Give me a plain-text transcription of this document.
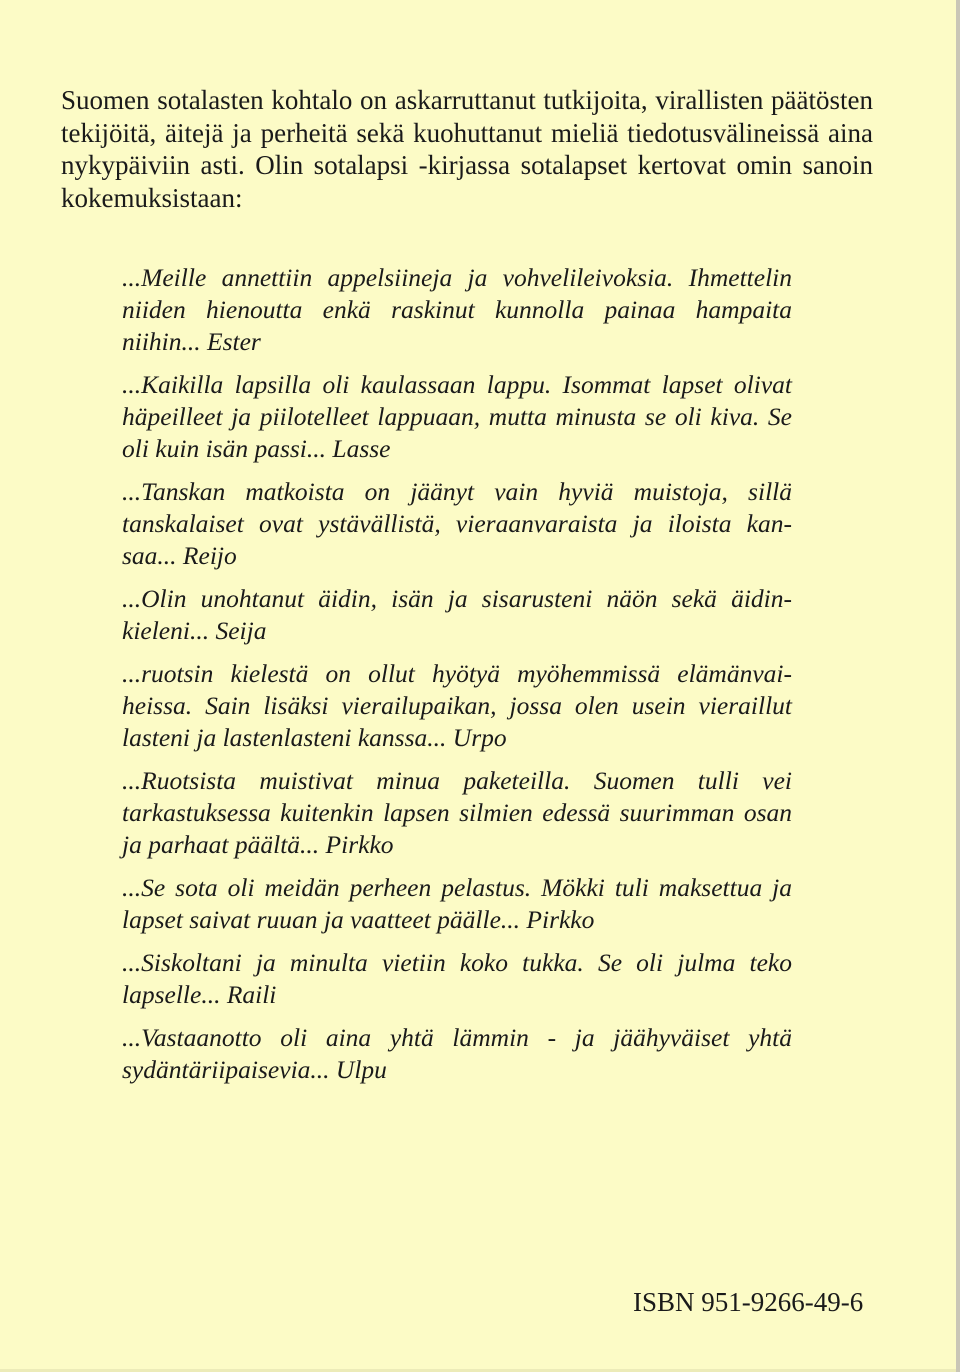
Suomen sotalasten kohtalo on askarruttanut tutkijoita, virallisten päätösten tekijöitä, äitejä ja perheitä sekä kuohuttanut mieliä tiedotusvälineissä aina nykypäiviin asti. Olin sotalapsi -kirjassa sotalapset kertovat omin sanoin kokemuksistaan:

...Meille annettiin appelsiineja ja vohvelileivoksia. Ihmettelin niiden hienoutta enkä raskinut kunnolla painaa hampaita niihin... Ester

...Kaikilla lapsilla oli kaulassaan lappu. Isommat lapset olivat häpeilleet ja piilotelleet lappuaan, mutta minusta se oli kiva. Se oli kuin isän passi... Lasse

...Tanskan matkoista on jäänyt vain hyviä muistoja, sillä tanskalaiset ovat ystävällistä, vieraanvaraista ja iloista kan-saa... Reijo

...Olin unohtanut äidin, isän ja sisarusteni näön sekä äidin-kieleni... Seija

...ruotsin kielestä on ollut hyötyä myöhemmissä elämänvai-heissa. Sain lisäksi vierailupaikan, jossa olen usein vieraillut lasteni ja lastenlasteni kanssa... Urpo

...Ruotsista muistivat minua paketeilla. Suomen tulli vei tarkastuksessa kuitenkin lapsen silmien edessä suurimman osan ja parhaat päältä... Pirkko

...Se sota oli meidän perheen pelastus. Mökki tuli maksettua ja lapset saivat ruuan ja vaatteet päälle... Pirkko

...Siskoltani ja minulta vietiin koko tukka. Se oli julma teko lapselle... Raili

...Vastaanotto oli aina yhtä lämmin - ja jäähyväiset yhtä sydäntäriipaisevia... Ulpu

ISBN 951-9266-49-6
